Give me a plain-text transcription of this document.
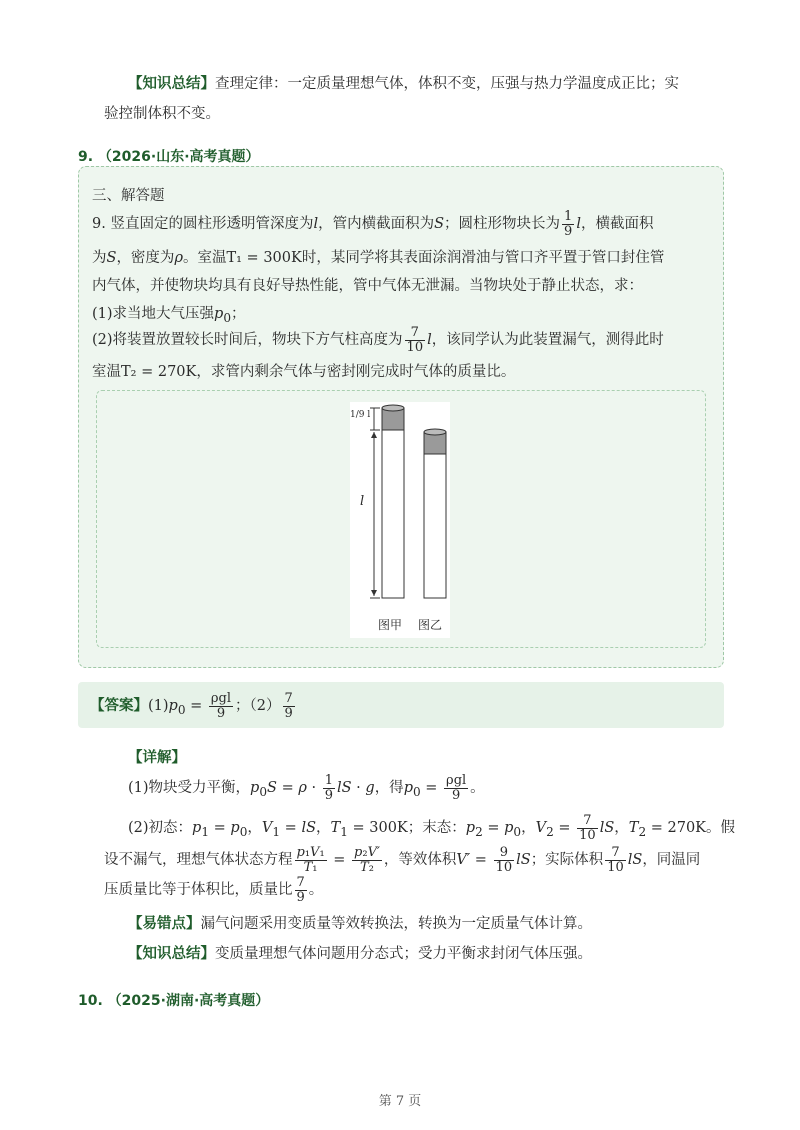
【知识总结】查理定律：一定质量理想气体，体积不变，压强与热力学温度成正比；实
验控制体积不变。
9. （2026·山东·高考真题）
三、解答题
9. 竖直固定的圆柱形透明管深度为l，管内横截面积为S；圆柱形物块长为 $\frac{1}{9}$ l，横截面积
为S，密度为ρ。室温T₁ = 300K时，某同学将其表面涂润滑油与管口齐平置于管口封住管
内气体，并使物块均具有良好导热性能，管中气体无泄漏。当物块处于静止状态，求：
(1)求当地大气压强$p_0$；
(2)将装置放置较长时间后，物块下方气柱高度为 $\frac{7}{10}$ l，该同学认为此装置漏气，测得此时
室温T₂ = 270K，求管内剩余气体与密封刚完成时气体的质量比。
1/9 l
l
图甲 图乙
【答案】$(1)p_0 = \frac{\text{ρgl}}{9}$ ；$(2) \frac{7}{9}$
【详解】
(1)物块受力平衡，$p_0S = \rho \cdot \frac{1}{9}$ lS · g，得$p_0 = \frac{\text{ρgl}}{9}$ 。
(2)初态：$p_1 = p_0$，$V_1$ = lS，$T_1 = 300K$；末态：$p_2 = p_0$，$V_2 = \frac{7}{10}$ lS，$T_2 = 270K$。假
设不漏气，理想气体状态方程 $\frac{\text{p₁V₁}}{\text{T₁}} = \frac{\text{p₂V′}}{\text{T₂}}$ ，等效体积$V' = \frac{9}{10}$ lS；实际体积 $\frac{7}{10}$ lS，同温同
压质量比等于体积比，质量比 $\frac{7}{9}$ 。
【易错点】漏气问题采用变质量等效转换法，转换为一定质量气体计算。
【知识总结】变质量理想气体问题用分态式；受力平衡求封闭气体压强。
10. （2025·湖南·高考真题）
第 7 页
